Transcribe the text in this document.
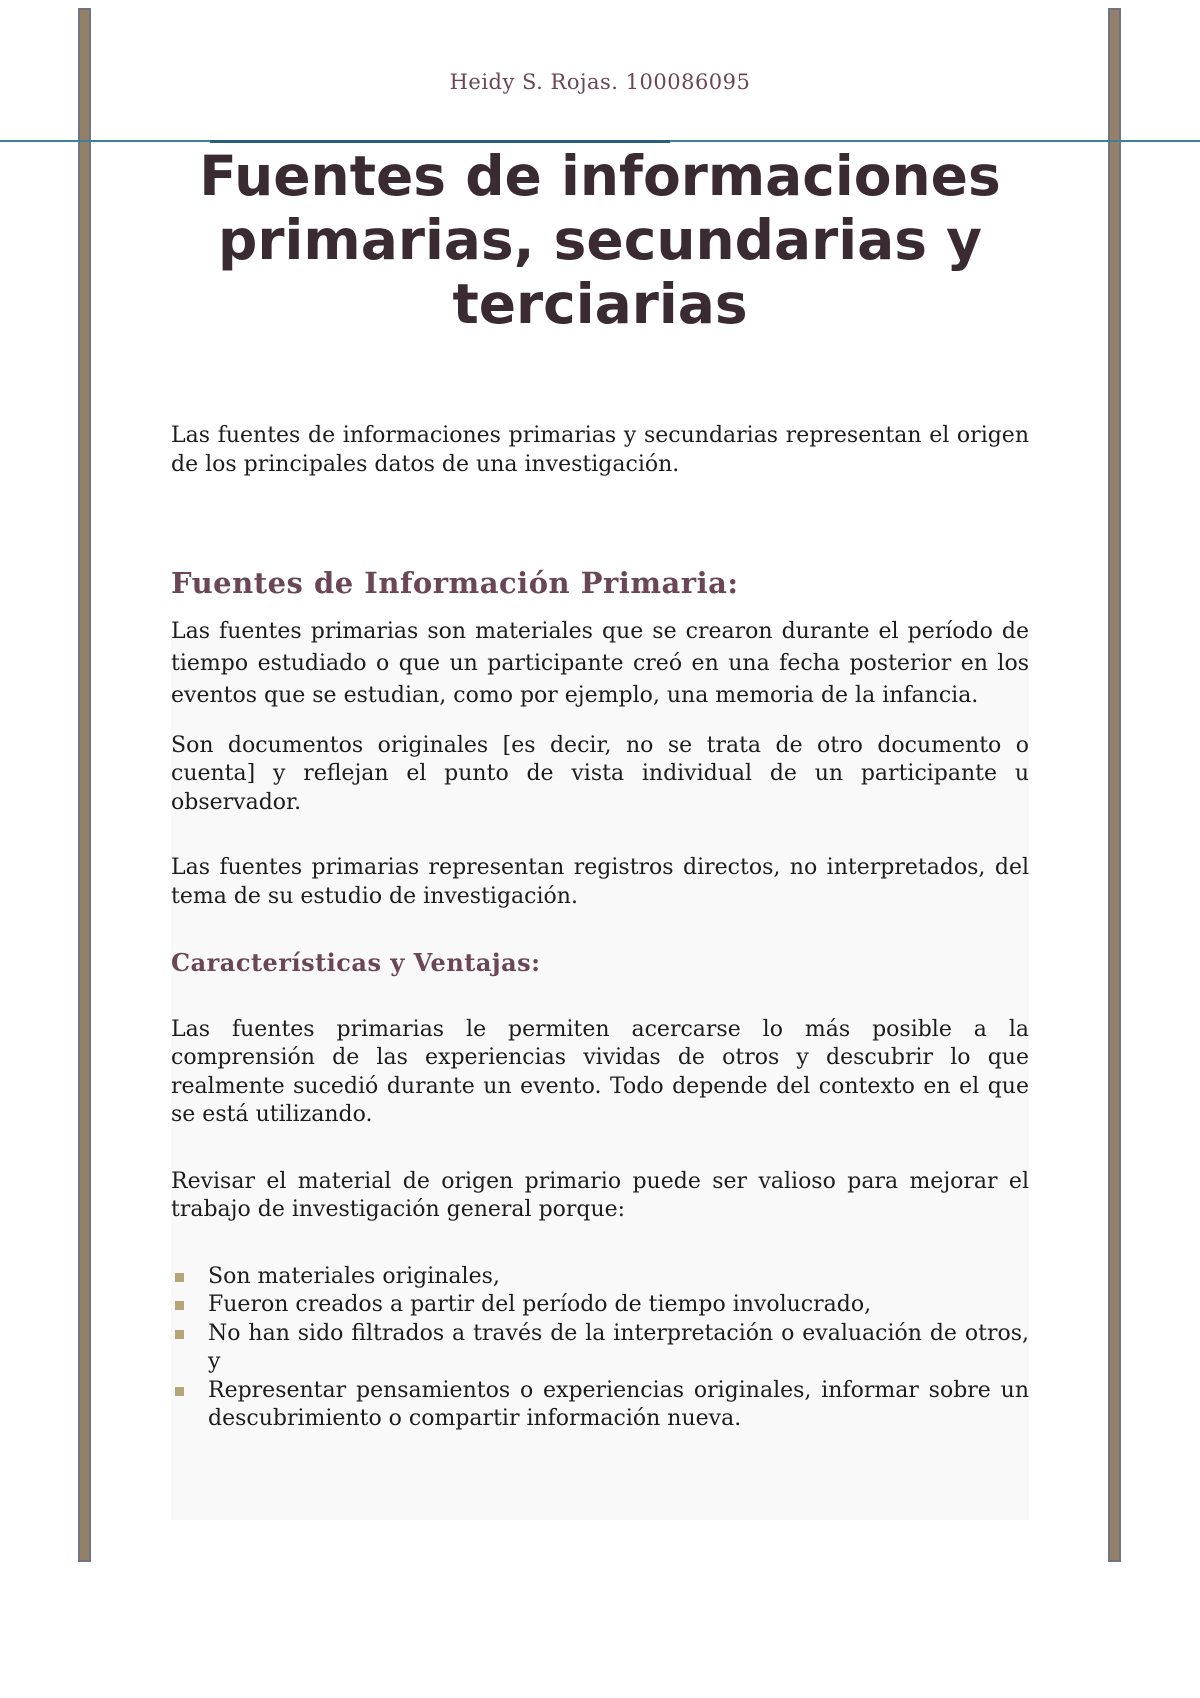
Heidy S. Rojas. 100086095
Fuentes de informaciones primarias, secundarias y terciarias

Las fuentes de informaciones primarias y secundarias representan el origen de los principales datos de una investigación.

Fuentes de Información Primaria:

Las fuentes primarias son materiales que se crearon durante el período de tiempo estudiado o que un participante creó en una fecha posterior en los eventos que se estudian, como por ejemplo, una memoria de la infancia.

Son documentos originales [es decir, no se trata de otro documento o cuenta] y reflejan el punto de vista individual de un participante u observador.

Las fuentes primarias representan registros directos, no interpretados, del tema de su estudio de investigación.

Características y Ventajas:

Las fuentes primarias le permiten acercarse lo más posible a la comprensión de las experiencias vividas de otros y descubrir lo que realmente sucedió durante un evento. Todo depende del contexto en el que se está utilizando.

Revisar el material de origen primario puede ser valioso para mejorar el trabajo de investigación general porque:

Son materiales originales,
Fueron creados a partir del período de tiempo involucrado,
No han sido filtrados a través de la interpretación o evaluación de otros, y
Representar pensamientos o experiencias originales, informar sobre un descubrimiento o compartir información nueva.
